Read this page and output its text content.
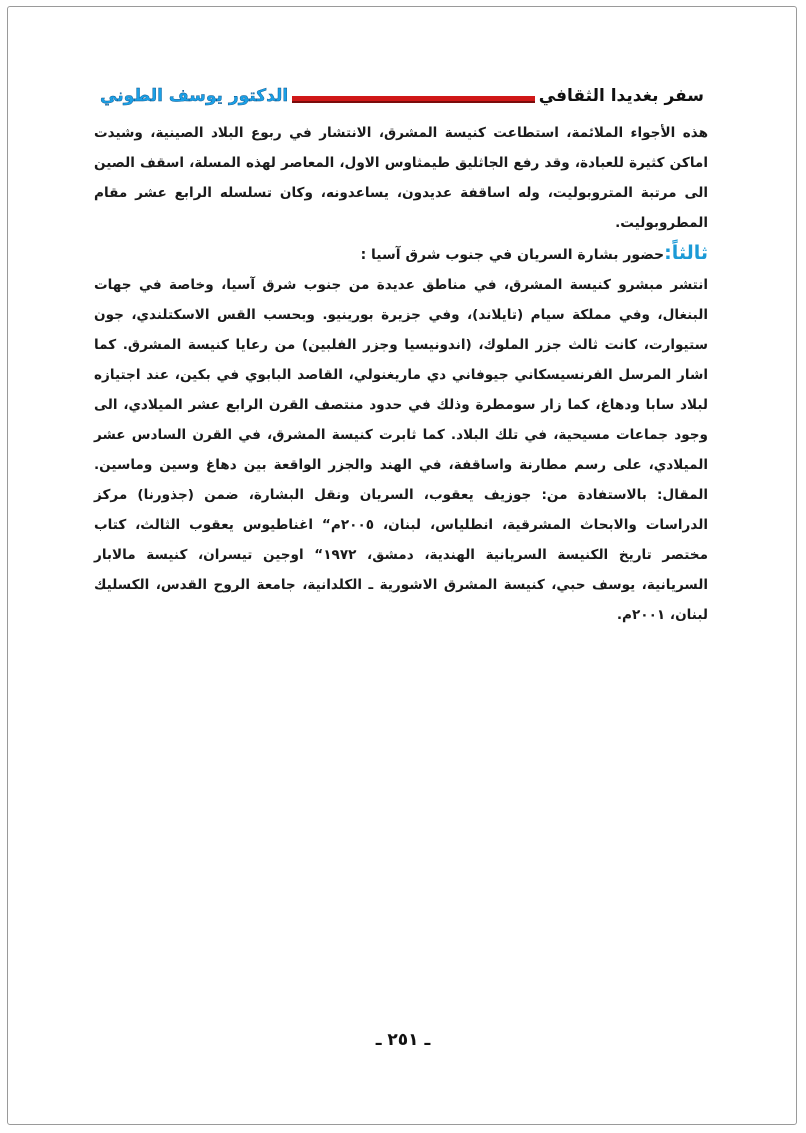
سفر بغديدا الثقافي
الدكتور يوسف الطوني

هذه الأجواء الملائمة، استطاعت كنيسة المشرق، الانتشار في ربوع البلاد الصينية، وشيدت اماكن كثيرة للعبادة، وقد رفع الجاثليق طيمثاوس الاول، المعاصر لهذه المسلة، اسقف الصين الى مرتبة المتروبوليت، وله اساقفة عديدون، يساعدونه، وكان تسلسله الرابع عشر مقام المطروبوليت.

ثالثاً:حضور بشارة السريان في جنوب شرق آسيا :

انتشر مبشرو كنيسة المشرق، في مناطق عديدة من جنوب شرق آسيا، وخاصة في جهات البنغال، وفي مملكة سيام (تايلاند)، وفي جزيرة بورينيو. وبحسب القس الاسكتلندي، جون ستيوارت، كانت ثالث جزر الملوك، (اندونيسيا وجزر الفلبين) من رعايا كنيسة المشرق. كما اشار المرسل الفرنسيسكاني جيوفاني دي ماريغنولي، القاصد البابوي في بكين، عند اجتيازه لبلاد سابا ودهاغ، كما زار سومطرة وذلك في حدود منتصف القرن الرابع عشر الميلادي، الى وجود جماعات مسيحية، في تلك البلاد. كما ثابرت كنيسة المشرق، في القرن السادس عشر الميلادي، على رسم مطارنة واساقفة، في الهند والجزر الواقعة بين دهاغ وسين وماسين. المقال: بالاستفادة من: جوزيف يعقوب، السريان ونقل البشارة، ضمن (جذورنا) مركز الدراسات والابحاث المشرقية، انطلياس، لبنان، ٢٠٠٥م“ اغناطيوس يعقوب الثالث، كتاب مختصر تاريخ الكنيسة السريانية الهندية، دمشق، ١٩٧٢“ اوجين تيسران، كنيسة مالابار السريانية، يوسف حبي، كنيسة المشرق الاشورية ـ الكلدانية، جامعة الروح القدس، الكسليك لبنان، ٢٠٠١م.

ـ ٢٥١ ـ
